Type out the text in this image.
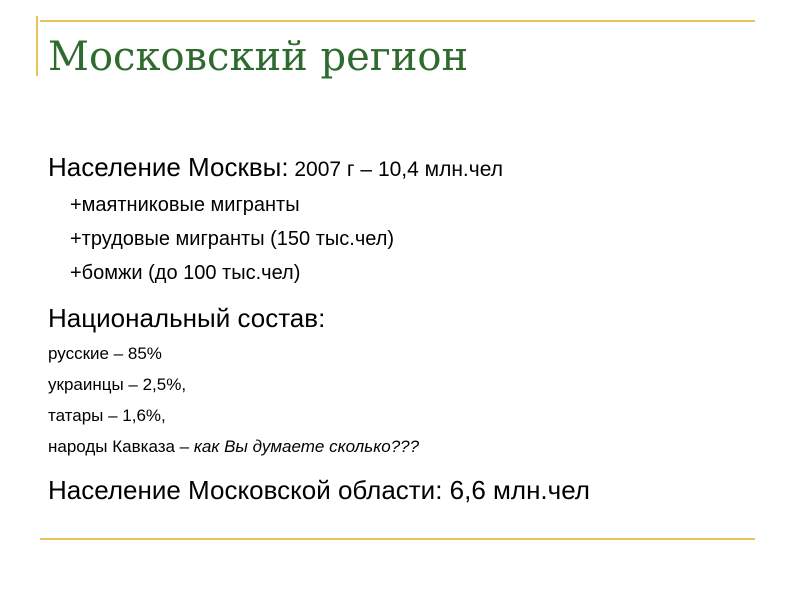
Московский регион
Население Москвы: 2007 г – 10,4 млн.чел
+маятниковые мигранты
+трудовые мигранты (150 тыс.чел)
+бомжи (до 100 тыс.чел)
Национальный состав:
русские – 85%
украинцы – 2,5%,
татары – 1,6%,
народы Кавказа – как Вы думаете сколько???
Население Московской области: 6,6 млн.чел
